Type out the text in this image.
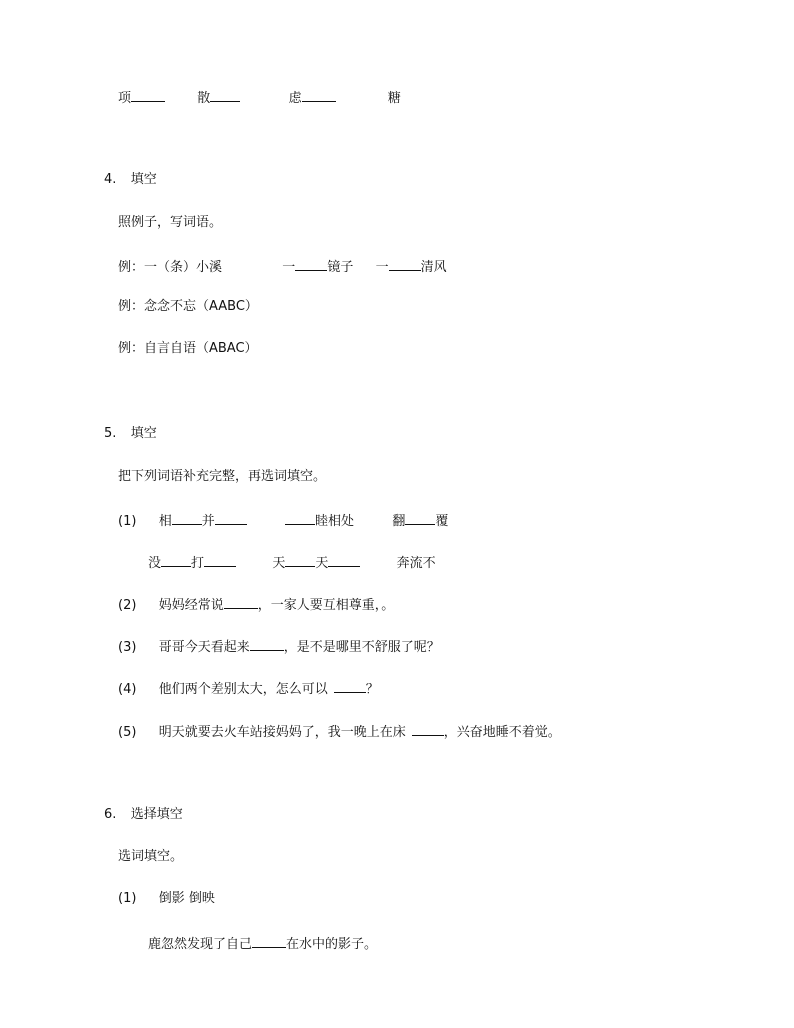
项	散	虑	糖
4. 填空
照例子，写词语。
例：一（条）小溪	一 镜子 一 清风
例：念念不忘（AABC）
例：自言自语（ABAC）
5. 填空
把下列词语补充完整，再选词填空。
(1) 相 并	睦相处	翻 覆
没 打	天 天	奔流不
(2) 妈妈经常说	，一家人要互相尊重，。
(3) 哥哥今天看起来	，是不是哪里不舒服了呢？
(4) 他们两个差别太大，怎么可以	？
(5) 明天就要去火车站接妈妈了，我一晚上在床	，兴奋地睡不着觉。
6. 选择填空
选词填空。
(1) 倒影 倒映
鹿忽然发现了自己	在水中的影子。
